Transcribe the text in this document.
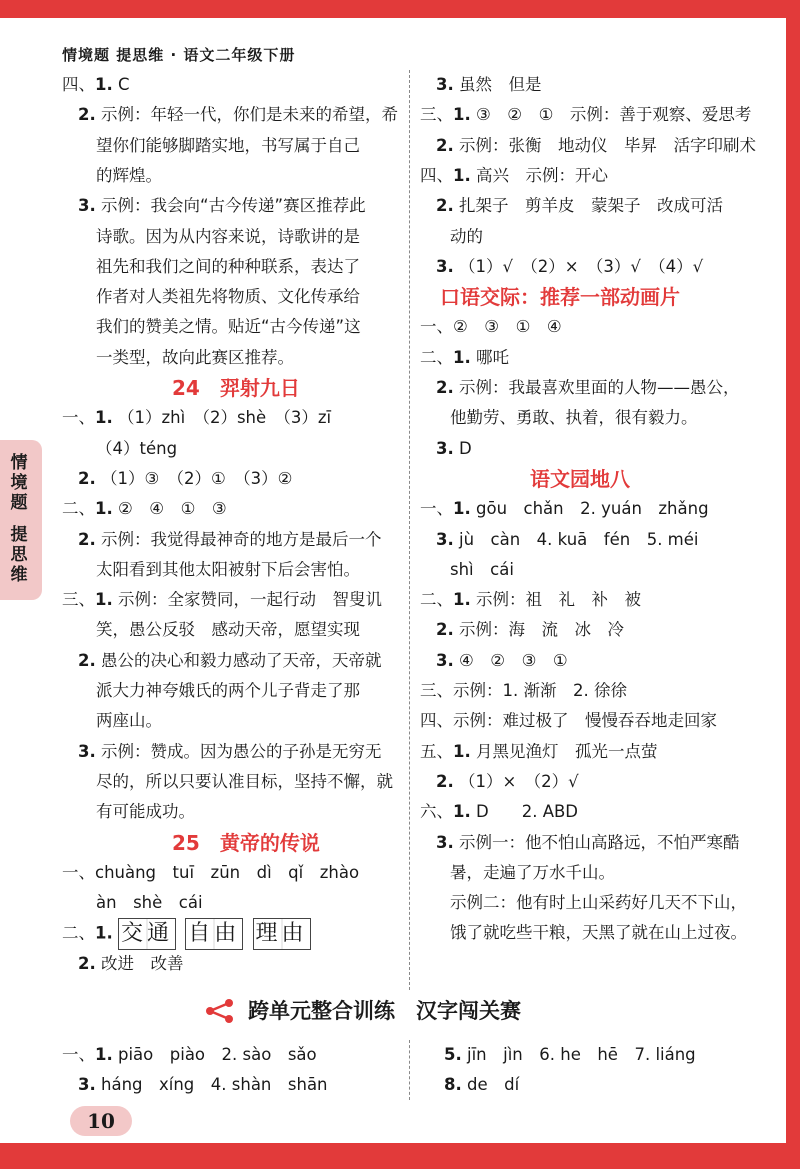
情境题 提思维 · 语文二年级下册
情
境
题
提
思
维
四、1. C
2. 示例：年轻一代，你们是未来的希望，希
望你们能够脚踏实地，书写属于自己
的辉煌。
3. 示例：我会向“古今传递”赛区推荐此
诗歌。因为从内容来说，诗歌讲的是
祖先和我们之间的种种联系，表达了
作者对人类祖先将物质、文化传承给
我们的赞美之情。贴近“古今传递”这
一类型，故向此赛区推荐。
24　羿射九日
一、1. （1）zhì　（2）shè　（3）zī
（4）téng
2. （1）③　（2）①　（3）②
二、1. ②　④　①　③
2. 示例：我觉得最神奇的地方是最后一个
太阳看到其他太阳被射下后会害怕。
三、1. 示例：全家赞同，一起行动　智叟讥
笑，愚公反驳　感动天帝，愿望实现
2. 愚公的决心和毅力感动了天帝，天帝就
派大力神夸娥氏的两个儿子背走了那
两座山。
3. 示例：赞成。因为愚公的子孙是无穷无
尽的，所以只要认准目标，坚持不懈，就
有可能成功。
25　黄帝的传说
一、chuàng　tuī　zūn　dì　qǐ　zhào
àn　shè　cái
二、1. 交通 自由 理由
2. 改进　改善
3. 虽然　但是
三、1. ③　②　①　示例：善于观察、爱思考
2. 示例：张衡　地动仪　毕昇　活字印刷术
四、1. 高兴　示例：开心
2. 扎架子　剪羊皮　蒙架子　改成可活
动的
3. （1）√　（2）×　（3）√　（4）√
口语交际：推荐一部动画片
一、②　③　①　④
二、1. 哪吒
2. 示例：我最喜欢里面的人物——愚公，
他勤劳、勇敢、执着，很有毅力。
3. D
语文园地八
一、1. gōu　chǎn　2. yuán　zhǎng
3. jù　càn　4. kuā　fén　5. méi
shì　cái
二、1. 示例：祖　礼　补　被
2. 示例：海　流　冰　冷
3. ④　②　③　①
三、示例：1. 渐渐　2. 徐徐
四、示例：难过极了　慢慢吞吞地走回家
五、1. 月黑见渔灯　孤光一点萤
2. （1）×　（2）√
六、1. D　　2. ABD
3. 示例一：他不怕山高路远，不怕严寒酷
暑，走遍了万水千山。
示例二：他有时上山采药好几天不下山，
饿了就吃些干粮，天黑了就在山上过夜。
跨单元整合训练　汉字闯关赛
一、1. piāo　piào　2. sào　sǎo
3. háng　xíng　4. shàn　shān
5. jīn　jìn　6. he　hē　7. liáng
8. de　dí
10
